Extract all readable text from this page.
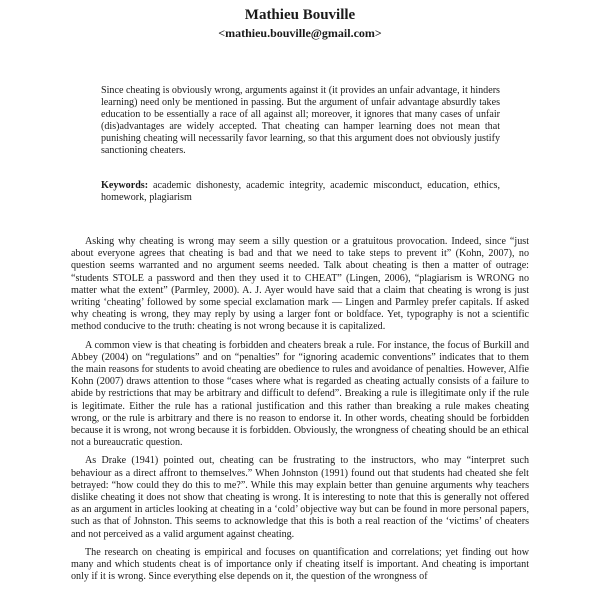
Mathieu Bouville
<mathieu.bouville@gmail.com>

Since cheating is obviously wrong, arguments against it (it provides an unfair advantage, it hinders learning) need only be mentioned in passing. But the argument of unfair advantage absurdly takes education to be essentially a race of all against all; moreover, it ignores that many cases of unfair (dis)advantages are widely accepted. That cheating can hamper learning does not mean that punishing cheating will necessarily favor learning, so that this argument does not obviously justify sanctioning cheaters.

Keywords: academic dishonesty, academic integrity, academic misconduct, education, ethics, homework, plagiarism

Asking why cheating is wrong may seem a silly question or a gratuitous provocation. Indeed, since “just about everyone agrees that cheating is bad and that we need to take steps to prevent it” (Kohn, 2007), no question seems warranted and no argument seems needed. Talk about cheating is then a matter of outrage: “students STOLE a password and then they used it to CHEAT” (Lingen, 2006), “plagiarism is WRONG no matter what the extent” (Parmley, 2000). A. J. Ayer would have said that a claim that cheating is wrong is just writing ‘cheating’ followed by some special exclamation mark — Lingen and Parmley prefer capitals. If asked why cheating is wrong, they may reply by using a larger font or boldface. Yet, typography is not a scientific method conducive to the truth: cheating is not wrong because it is capitalized.

A common view is that cheating is forbidden and cheaters break a rule. For instance, the focus of Burkill and Abbey (2004) on “regulations” and on “penalties” for “ignoring academic conventions” indicates that to them the main reasons for students to avoid cheating are obedience to rules and avoidance of penalties. However, Alfie Kohn (2007) draws attention to those “cases where what is regarded as cheating actually consists of a failure to abide by restrictions that may be arbitrary and difficult to defend”. Breaking a rule is illegitimate only if the rule is legitimate. Either the rule has a rational justification and this rather than breaking a rule makes cheating wrong, or the rule is arbitrary and there is no reason to endorse it. In other words, cheating should be forbidden because it is wrong, not wrong because it is forbidden. Obviously, the wrongness of cheating should be an ethical not a bureaucratic question.

As Drake (1941) pointed out, cheating can be frustrating to the instructors, who may “interpret such behaviour as a direct affront to themselves.” When Johnston (1991) found out that students had cheated she felt betrayed: “how could they do this to me?”. While this may explain better than genuine arguments why teachers dislike cheating it does not show that cheating is wrong. It is interesting to note that this is generally not offered as an argument in articles looking at cheating in a ‘cold’ objective way but can be found in more personal papers, such as that of Johnston. This seems to acknowledge that this is both a real reaction of the ‘victims’ of cheaters and not perceived as a valid argument against cheating.

The research on cheating is empirical and focuses on quantification and correlations; yet finding out how many and which students cheat is of importance only if cheating itself is important. And cheating is important only if it is wrong. Since everything else depends on it, the question of the wrongness of
